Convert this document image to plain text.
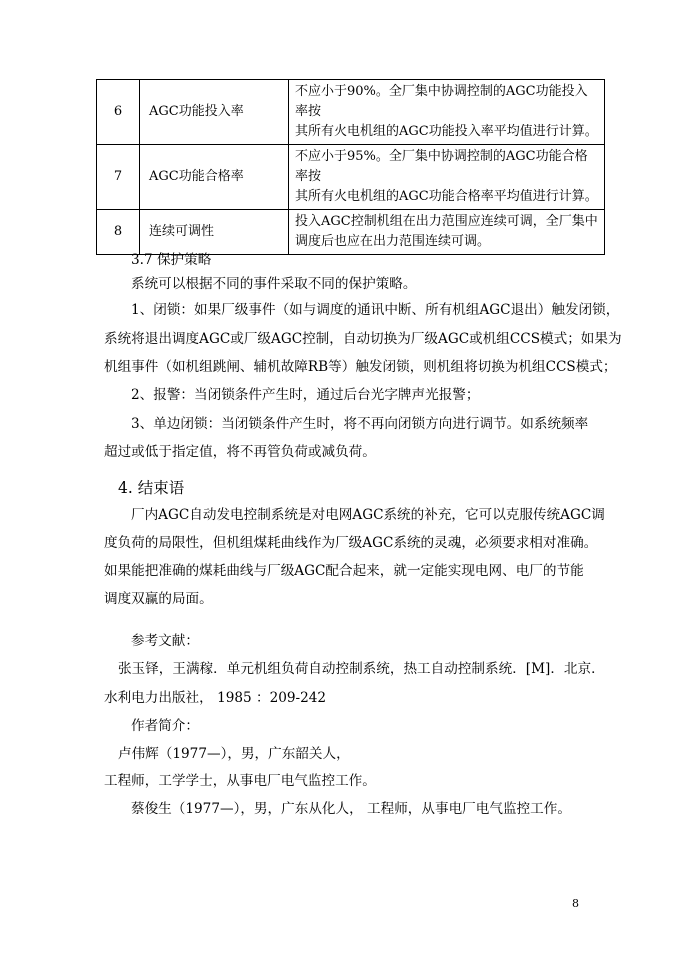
6	AGC功能投入率	不应小于90%。全厂集中协调控制的AGC功能投入率按
其所有火电机组的AGC功能投入率平均值进行计算。
7	AGC功能合格率	不应小于95%。全厂集中协调控制的AGC功能合格率按
其所有火电机组的AGC功能合格率平均值进行计算。
8	连续可调性	投入AGC控制机组在出力范围应连续可调，全厂集中
调度后也应在出力范围连续可调。
3.7 保护策略
系统可以根据不同的事件采取不同的保护策略。
1、闭锁：如果厂级事件（如与调度的通讯中断、所有机组AGC退出）触发闭锁，
系统将退出调度AGC或厂级AGC控制，自动切换为厂级AGC或机组CCS模式；如果为
机组事件（如机组跳闸、辅机故障RB等）触发闭锁，则机组将切换为机组CCS模式；
2、报警：当闭锁条件产生时，通过后台光字牌声光报警；
3、单边闭锁：当闭锁条件产生时，将不再向闭锁方向进行调节。如系统频率
超过或低于指定值，将不再管负荷或减负荷。
4. 结束语
厂内AGC自动发电控制系统是对电网AGC系统的补充，它可以克服传统AGC调
度负荷的局限性，但机组煤耗曲线作为厂级AGC系统的灵魂，必须要求相对准确。
如果能把准确的煤耗曲线与厂级AGC配合起来，就一定能实现电网、电厂的节能
调度双赢的局面。
参考文献：
张玉铎，王满稼．单元机组负荷自动控制系统，热工自动控制系统．[M]．北京．
水利电力出版社， 1985 ：209-242
作者简介：
卢伟辉（1977—），男，广东韶关人，
工程师，工学学士，从事电厂电气监控工作。
蔡俊生（1977—），男，广东从化人， 工程师，从事电厂电气监控工作。
8
